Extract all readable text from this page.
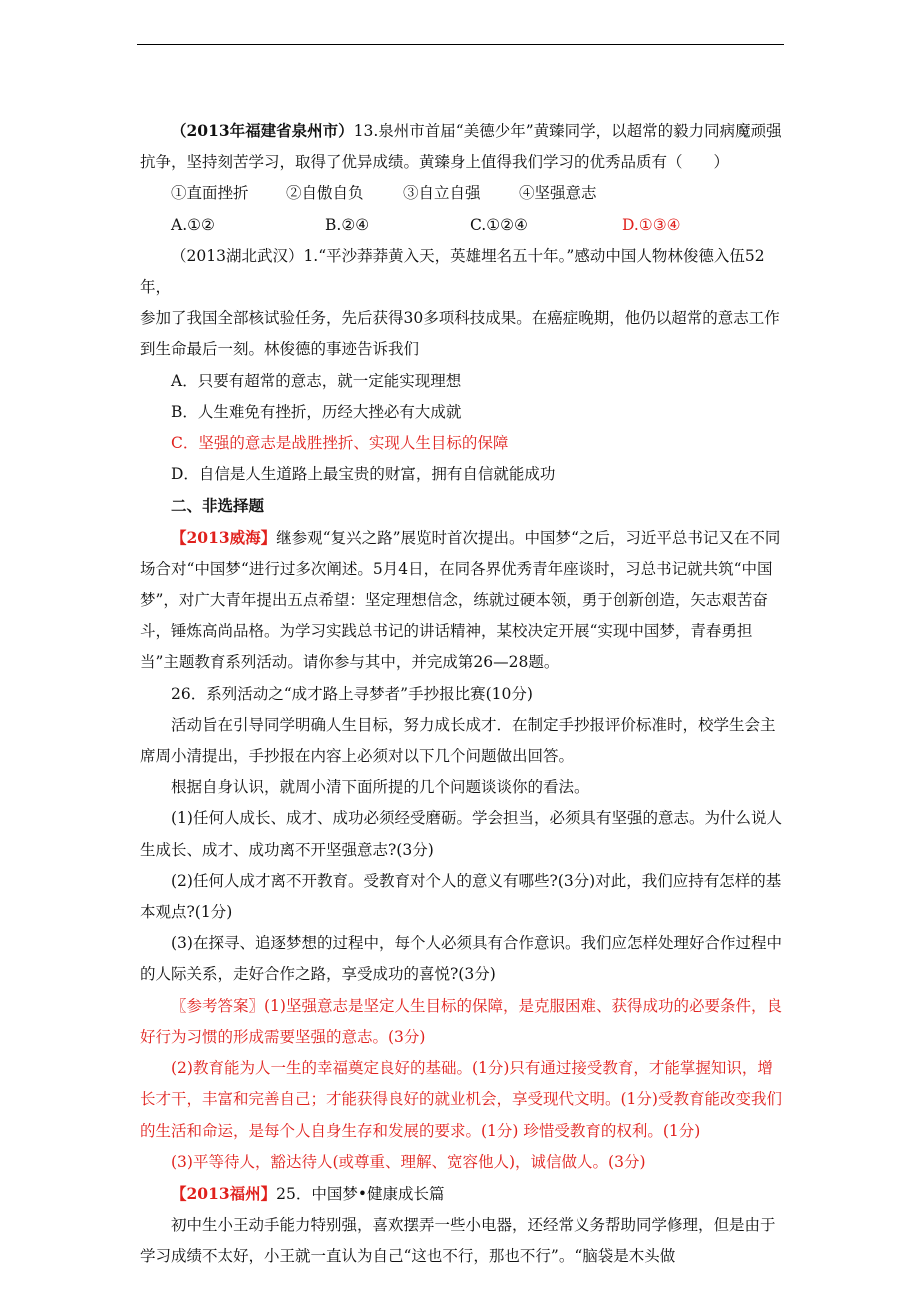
（2013年福建省泉州市）13.泉州市首届“美德少年”黄臻同学，以超常的毅力同病魔顽强抗争，坚持刻苦学习，取得了优异成绩。黄臻身上值得我们学习的优秀品质有（　　）

①直面挫折	②自傲自负	③自立自强	④坚强意志
A.①②	B.②④	C.①②④	D.①③④

（2013湖北武汉）1.“平沙莽莽黄入天，英雄埋名五十年。”感动中国人物林俊德入伍52年，

参加了我国全部核试验任务，先后获得30多项科技成果。在癌症晚期，他仍以超常的意志工作到生命最后一刻。林俊德的事迹告诉我们

A．只要有超常的意志，就一定能实现理想

B．人生难免有挫折，历经大挫必有大成就

C．坚强的意志是战胜挫折、实现人生目标的保障

D．自信是人生道路上最宝贵的财富，拥有自信就能成功

二、非选择题

【2013威海】继参观“复兴之路”展览时首次提出。中国梦“之后，习近平总书记又在不同场合对“中国梦“进行过多次阐述。5月4日，在同各界优秀青年座谈时，习总书记就共筑“中国梦”，对广大青年提出五点希望：坚定理想信念，练就过硬本领，勇于创新创造，矢志艰苦奋斗，锤炼高尚品格。为学习实践总书记的讲话精神，某校决定开展“实现中国梦，青春勇担当”主题教育系列活动。请你参与其中，并完成第26—28题。

26．系列活动之“成才路上寻梦者”手抄报比赛(10分)

活动旨在引导同学明确人生目标，努力成长成才．在制定手抄报评价标准时，校学生会主席周小清提出，手抄报在内容上必须对以下几个问题做出回答。

根据自身认识，就周小清下面所提的几个问题谈谈你的看法。

(1)任何人成长、成才、成功必须经受磨砺。学会担当，必须具有坚强的意志。为什么说人生成长、成才、成功离不开坚强意志?(3分)

(2)任何人成才离不开教育。受教育对个人的意义有哪些?(3分)对此，我们应持有怎样的基本观点?(1分)

(3)在探寻、追逐梦想的过程中，每个人必须具有合作意识。我们应怎样处理好合作过程中的人际关系，走好合作之路，享受成功的喜悦?(3分)

〖参考答案〗(1)坚强意志是坚定人生目标的保障，是克服困难、获得成功的必要条件，良好行为习惯的形成需要坚强的意志。(3分)

(2)教育能为人一生的幸福奠定良好的基础。(1分)只有通过接受教育，才能掌握知识，增长才干，丰富和完善自己；才能获得良好的就业机会，享受现代文明。(1分)受教育能改变我们的生活和命运，是每个人自身生存和发展的要求。(1分) 珍惜受教育的权利。(1分)

(3)平等待人，豁达待人(或尊重、理解、宽容他人)，诚信做人。(3分)

【2013福州】25．中国梦•健康成长篇

初中生小王动手能力特别强，喜欢摆弄一些小电器，还经常义务帮助同学修理，但是由于学习成绩不太好，小王就一直认为自己“这也不行，那也不行”。“脑袋是木头做
